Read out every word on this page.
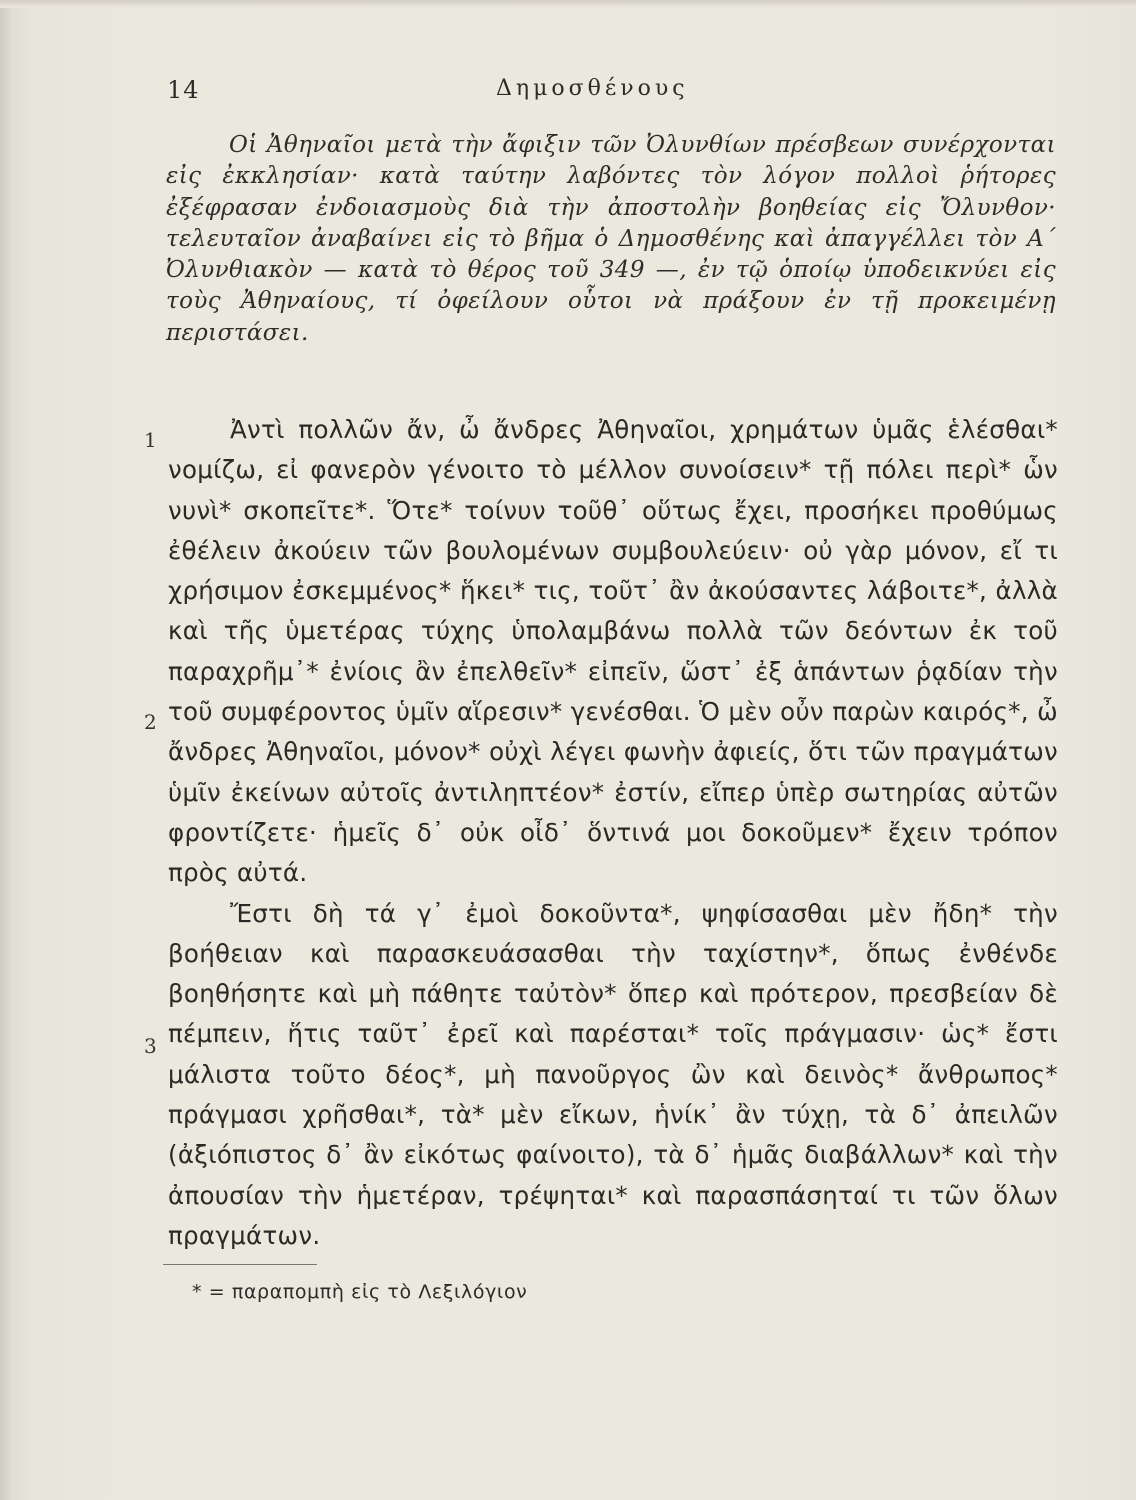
14	Δημοσθένους
Οἱ Ἀθηναῖοι μετὰ τὴν ἄφιξιν τῶν Ὀλυνθίων πρέσβεων συνέρχονται εἰς ἐκκλησίαν· κατὰ ταύτην λαβόντες τὸν λόγον πολλοὶ ῥήτορες ἐξέφρασαν ἐνδοιασμοὺς διὰ τὴν ἀποστολὴν βοηθείας εἰς Ὄλυνθον· τελευταῖον ἀναβαίνει εἰς τὸ βῆμα ὁ Δημοσθένης καὶ ἀπαγγέλλει τὸν Α΄ Ὀλυνθιακὸν — κατὰ τὸ θέρος τοῦ 349 —, ἐν τῷ ὁποίῳ ὑποδεικνύει εἰς τοὺς Ἀθηναίους, τί ὀφείλουν οὗτοι νὰ πράξουν ἐν τῇ προκειμένῃ περιστάσει.
1
2
3

Ἀντὶ πολλῶν ἄν, ὦ ἄνδρες Ἀθηναῖοι, χρημάτων ὑμᾶς ἑλέσθαι* νομίζω, εἰ φανερὸν γένοιτο τὸ μέλλον συνοίσειν* τῇ πόλει περὶ* ὧν νυνὶ* σκοπεῖτε*. Ὅτε* τοίνυν τοῦθ᾽ οὕτως ἔχει, προσήκει προθύμως ἐθέλειν ἀκούειν τῶν βουλομένων συμβουλεύειν· οὐ γὰρ μόνον, εἴ τι χρήσιμον ἐσκεμμένος* ἥκει* τις, τοῦτ᾽ ἂν ἀκούσαντες λάβοιτε*, ἀλλὰ καὶ τῆς ὑμετέρας τύχης ὑπολαμβάνω πολλὰ τῶν δεόντων ἐκ τοῦ παραχρῆμ᾽* ἐνίοις ἂν ἐπελθεῖν* εἰπεῖν, ὥστ᾽ ἐξ ἁπάντων ῥᾳδίαν τὴν τοῦ συμφέροντος ὑμῖν αἵρεσιν* γενέσθαι. Ὁ μὲν οὖν παρὼν καιρός*, ὦ ἄνδρες Ἀθηναῖοι, μόνον* οὐχὶ λέγει φωνὴν ἀφιείς, ὅτι τῶν πραγμάτων ὑμῖν ἐκείνων αὐτοῖς ἀντιληπτέον* ἐστίν, εἴπερ ὑπὲρ σωτηρίας αὐτῶν φροντίζετε· ἡμεῖς δ᾽ οὐκ οἶδ᾽ ὅντινά μοι δοκοῦμεν* ἔχειν τρόπον πρὸς αὐτά.

Ἔστι δὴ τά γ᾽ ἐμοὶ δοκοῦντα*, ψηφίσασθαι μὲν ἤδη* τὴν βοήθειαν καὶ παρασκευάσασθαι τὴν ταχίστην*, ὅπως ἐνθένδε βοηθήσητε καὶ μὴ πάθητε ταὐτὸν* ὅπερ καὶ πρότερον, πρεσβείαν δὲ πέμπειν, ἥτις ταῦτ᾽ ἐρεῖ καὶ παρέσται* τοῖς πράγμασιν· ὡς* ἔστι μάλιστα τοῦτο δέος*, μὴ πανοῦργος ὢν καὶ δεινὸς* ἄνθρωπος* πράγμασι χρῆσθαι*, τὰ* μὲν εἴκων, ἡνίκ᾽ ἂν τύχῃ, τὰ δ᾽ ἀπειλῶν (ἀξιόπιστος δ᾽ ἂν εἰκότως φαίνοιτο), τὰ δ᾽ ἡμᾶς διαβάλλων* καὶ τὴν ἀπουσίαν τὴν ἡμετέραν, τρέψηται* καὶ παρασπάσηταί τι τῶν ὅλων πραγμάτων.

* = παραπομπὴ εἰς τὸ Λεξιλόγιον
